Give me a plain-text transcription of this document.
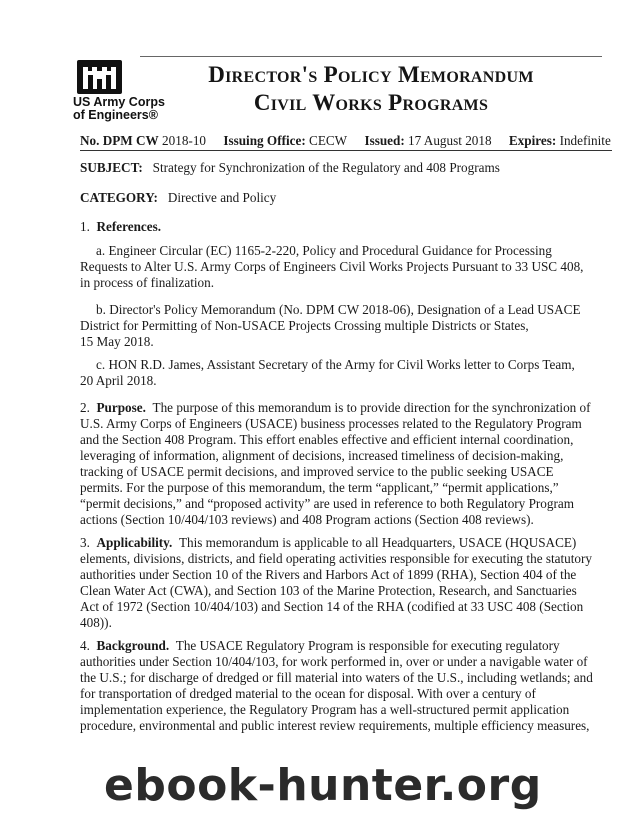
US Army Corps
of Engineers®
Director's Policy Memorandum
Civil Works Programs
No. DPM CW 2018-10 Issuing Office: CECW Issued: 17 August 2018 Expires: Indefinite
SUBJECT: Strategy for Synchronization of the Regulatory and 408 Programs
CATEGORY: Directive and Policy
1. References.
a. Engineer Circular (EC) 1165-2-220, Policy and Procedural Guidance for Processing
Requests to Alter U.S. Army Corps of Engineers Civil Works Projects Pursuant to 33 USC 408,
in process of finalization.
b. Director's Policy Memorandum (No. DPM CW 2018-06), Designation of a Lead USACE
District for Permitting of Non-USACE Projects Crossing multiple Districts or States,
15 May 2018.
c. HON R.D. James, Assistant Secretary of the Army for Civil Works letter to Corps Team,
20 April 2018.
2. Purpose. The purpose of this memorandum is to provide direction for the synchronization of
U.S. Army Corps of Engineers (USACE) business processes related to the Regulatory Program
and the Section 408 Program. This effort enables effective and efficient internal coordination,
leveraging of information, alignment of decisions, increased timeliness of decision-making,
tracking of USACE permit decisions, and improved service to the public seeking USACE
permits. For the purpose of this memorandum, the term “applicant,” “permit applications,”
“permit decisions,” and “proposed activity” are used in reference to both Regulatory Program
actions (Section 10/404/103 reviews) and 408 Program actions (Section 408 reviews).
3. Applicability. This memorandum is applicable to all Headquarters, USACE (HQUSACE)
elements, divisions, districts, and field operating activities responsible for executing the statutory
authorities under Section 10 of the Rivers and Harbors Act of 1899 (RHA), Section 404 of the
Clean Water Act (CWA), and Section 103 of the Marine Protection, Research, and Sanctuaries
Act of 1972 (Section 10/404/103) and Section 14 of the RHA (codified at 33 USC 408 (Section
408)).
4. Background. The USACE Regulatory Program is responsible for executing regulatory
authorities under Section 10/404/103, for work performed in, over or under a navigable water of
the U.S.; for discharge of dredged or fill material into waters of the U.S., including wetlands; and
for transportation of dredged material to the ocean for disposal. With over a century of
implementation experience, the Regulatory Program has a well-structured permit application
procedure, environmental and public interest review requirements, multiple efficiency measures,
ebook-hunter.org
